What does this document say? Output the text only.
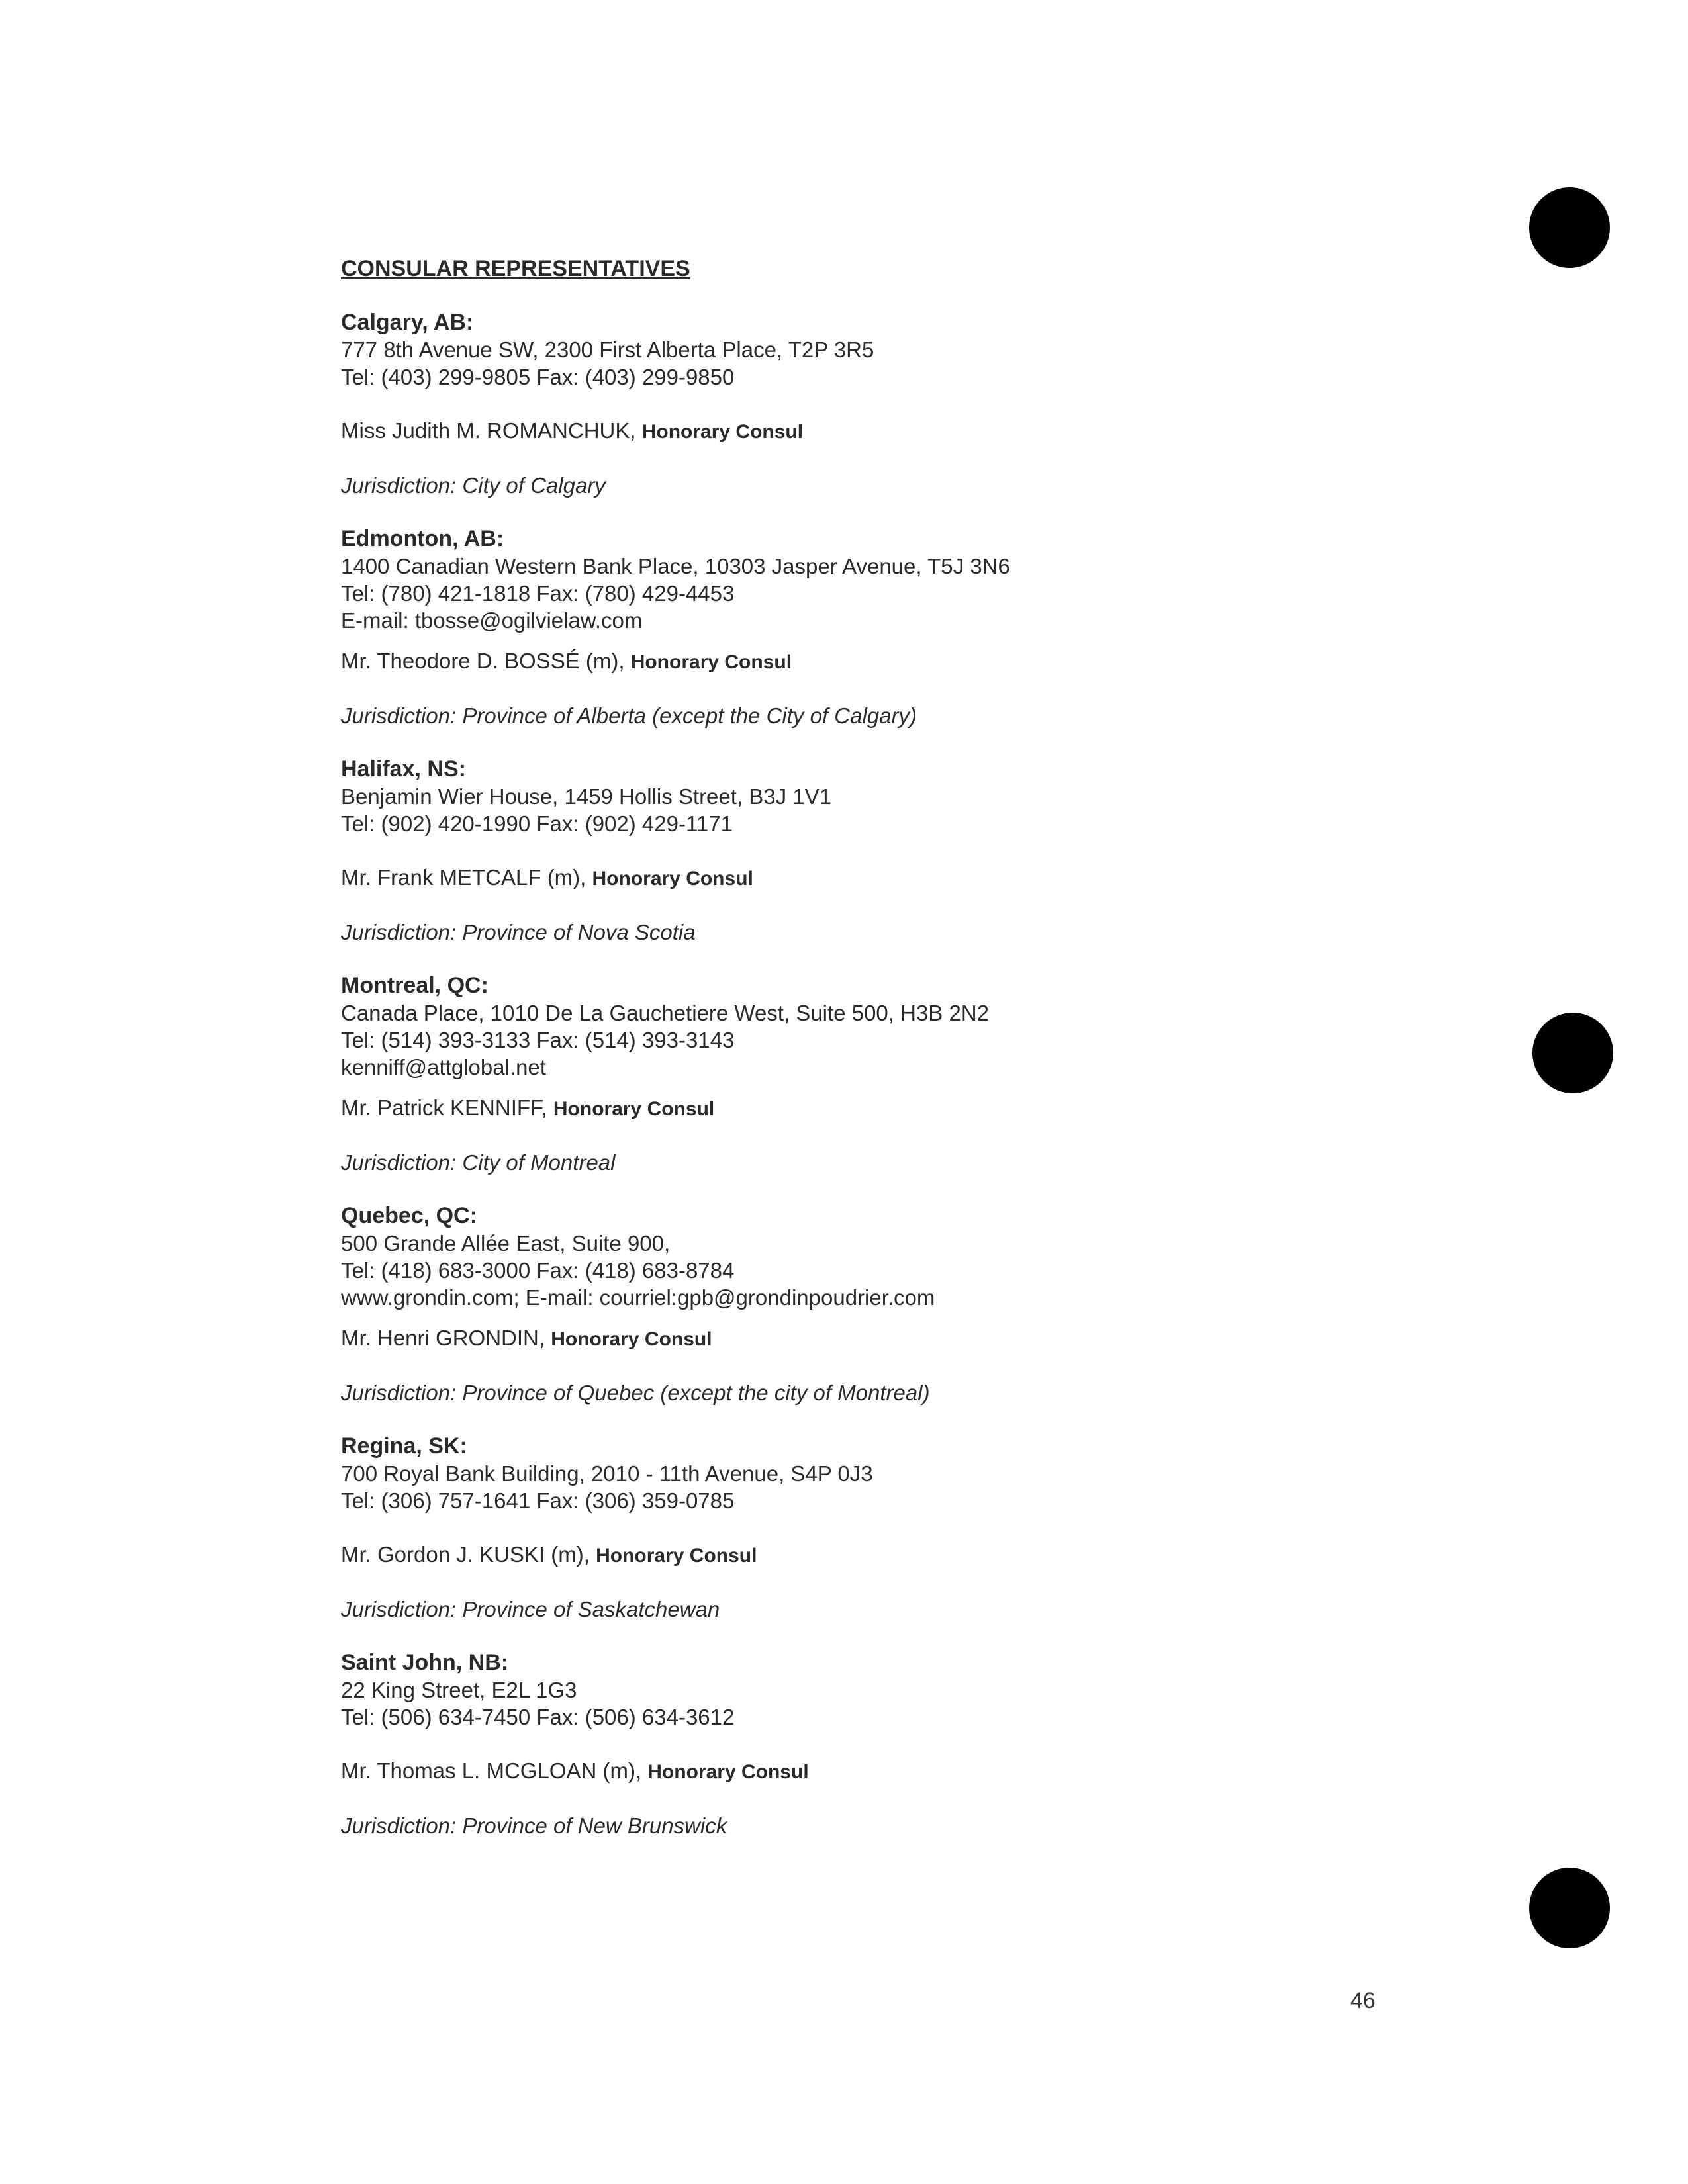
CONSULAR REPRESENTATIVES
Calgary, AB:
777 8th Avenue SW, 2300 First Alberta Place, T2P 3R5
Tel: (403) 299-9805 Fax: (403) 299-9850
Miss Judith M. ROMANCHUK, Honorary Consul
Jurisdiction: City of Calgary
Edmonton, AB:
1400 Canadian Western Bank Place, 10303 Jasper Avenue, T5J 3N6
Tel: (780) 421-1818 Fax: (780) 429-4453
E-mail: tbosse@ogilvielaw.com
Mr. Theodore D. BOSSÉ (m), Honorary Consul
Jurisdiction: Province of Alberta (except the City of Calgary)
Halifax, NS:
Benjamin Wier House, 1459 Hollis Street, B3J 1V1
Tel: (902) 420-1990 Fax: (902) 429-1171
Mr. Frank METCALF (m), Honorary Consul
Jurisdiction: Province of Nova Scotia
Montreal, QC:
Canada Place, 1010 De La Gauchetiere West, Suite 500, H3B 2N2
Tel: (514) 393-3133 Fax: (514) 393-3143
kenniff@attglobal.net
Mr. Patrick KENNIFF, Honorary Consul
Jurisdiction: City of Montreal
Quebec, QC:
500 Grande Allée East, Suite 900,
Tel: (418) 683-3000 Fax: (418) 683-8784
www.grondin.com; E-mail: courriel:gpb@grondinpoudrier.com
Mr. Henri GRONDIN, Honorary Consul
Jurisdiction: Province of Quebec (except the city of Montreal)
Regina, SK:
700 Royal Bank Building, 2010 - 11th Avenue, S4P 0J3
Tel: (306) 757-1641 Fax: (306) 359-0785
Mr. Gordon J. KUSKI (m), Honorary Consul
Jurisdiction: Province of Saskatchewan
Saint John, NB:
22 King Street, E2L 1G3
Tel: (506) 634-7450 Fax: (506) 634-3612
Mr. Thomas L. MCGLOAN (m), Honorary Consul
Jurisdiction: Province of New Brunswick
46
